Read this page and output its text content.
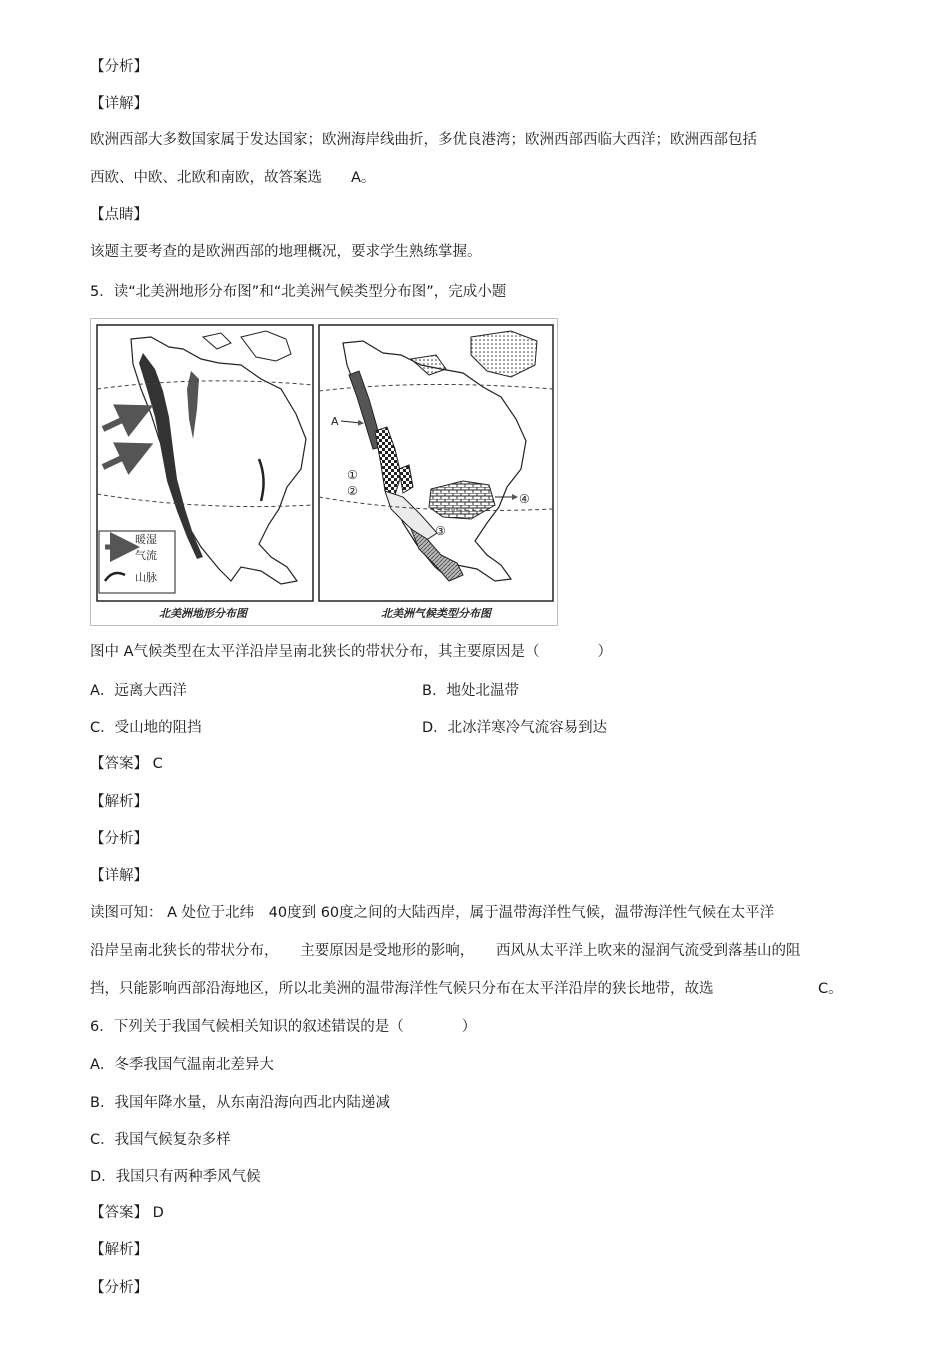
【分析】
【详解】
欧洲西部大多数国家属于发达国家；欧洲海岸线曲折，多优良港湾；欧洲西部西临大西洋；欧洲西部包括
西欧、中欧、北欧和南欧，故答案选　　A。
【点睛】
该题主要考查的是欧洲西部的地理概况，要求学生熟练掌握。
5．读“北美洲地形分布图”和“北美洲气候类型分布图”，完成小题
图中 A气候类型在太平洋沿岸呈南北狭长的带状分布，其主要原因是（　　　　）
【答案】 C
【解析】
【分析】
【详解】
读图可知： A 处位于北纬　40度到 60度之间的大陆西岸，属于温带海洋性气候，温带海洋性气候在太平洋
沿岸呈南北狭长的带状分布，　　主要原因是受地形的影响，　　西风从太平洋上吹来的湿润气流受到落基山的阻
挡，只能影响西部沿海地区，所以北美洲的温带海洋性气候只分布在太平洋沿岸的狭长地带，故选
6．下列关于我国气候相关知识的叙述错误的是（　　　　）
A．冬季我国气温南北差异大
B．我国年降水量，从东南沿海向西北内陆递减
C．我国气候复杂多样
D．我国只有两种季风气候
【答案】 D
【解析】
【分析】
A．远离大西洋	B．地处北温带
C．受山地的阻挡	D．北冰洋寒冷气流容易到达
C。
暖湿
气流
山脉
北美洲地形分布图
A
①
②
③
④
北美洲气候类型分布图
